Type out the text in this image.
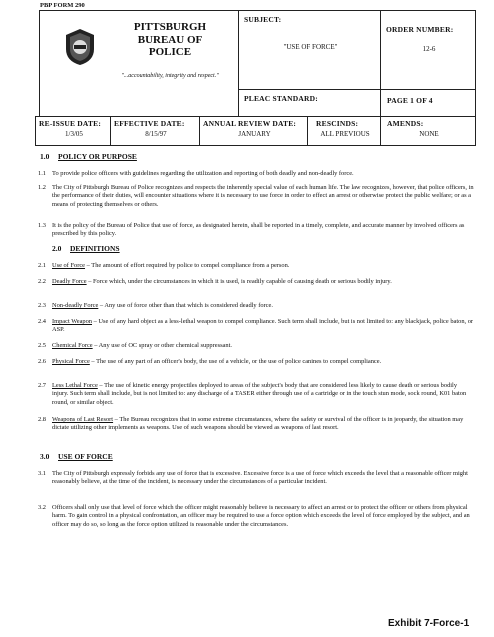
PBP FORM 290
PITTSBURGH
BUREAU OF
POLICE
"...accountability, integrity and respect."
SUBJECT:
"USE OF FORCE"
ORDER NUMBER:
12-6
PLEAC STANDARD:	PAGE 1 OF 4
RE-ISSUE DATE:
1/3/05
EFFECTIVE DATE:
8/15/97
ANNUAL REVIEW DATE:
JANUARY
RESCINDS:
ALL PREVIOUS
AMENDS:
NONE
1.0 POLICY OR PURPOSE
1.1 To provide police officers with guidelines regarding the utilization and reporting of both deadly and non-deadly force.
1.2 The City of Pittsburgh Bureau of Police recognizes and respects the inherently special value of each human life. The law recognizes, however, that police officers, in the performance of their duties, will encounter situations where it is necessary to use force in order to effect an arrest or otherwise protect the public welfare; or as a means of protecting themselves or others.
1.3 It is the policy of the Bureau of Police that use of force, as designated herein, shall be reported in a timely, complete, and accurate manner by involved officers as prescribed by this policy.
2.0 DEFINITIONS
2.1 Use of Force – The amount of effort required by police to compel compliance from a person.
2.2 Deadly Force – Force which, under the circumstances in which it is used, is readily capable of causing death or serious bodily injury.
2.3 Non-deadly Force – Any use of force other than that which is considered deadly force.
2.4 Impact Weapon – Use of any hard object as a less-lethal weapon to compel compliance. Such term shall include, but is not limited to: any blackjack, police baton, or ASP.
2.5 Chemical Force – Any use of OC spray or other chemical suppressant.
2.6 Physical Force – The use of any part of an officer's body, the use of a vehicle, or the use of police canines to compel compliance.
2.7 Less Lethal Force – The use of kinetic energy projectiles deployed to areas of the subject's body that are considered less likely to cause death or serious bodily injury. Such term shall include, but is not limited to: any discharge of a TASER either through use of a cartridge or in the touch stun mode, sock round, K01 baton round, or similar object.
2.8 Weapons of Last Resort – The Bureau recognizes that in some extreme circumstances, where the safety or survival of the officer is in jeopardy, the situation may dictate utilizing other implements as weapons. Use of such weapons should be viewed as weapons of last resort.
3.0 USE OF FORCE
3.1 The City of Pittsburgh expressly forbids any use of force that is excessive. Excessive force is a use of force which exceeds the level that a reasonable officer might reasonably believe, at the time of the incident, is necessary under the circumstances of a particular incident.
3.2 Officers shall only use that level of force which the officer might reasonably believe is necessary to affect an arrest or to protect the officer or others from physical harm. To gain control in a physical confrontation, an officer may be required to use a force option which exceeds the level of force employed by the subject, and an officer may do so, so long as the force option utilized is reasonable under the circumstances.
Exhibit 7-Force-1
